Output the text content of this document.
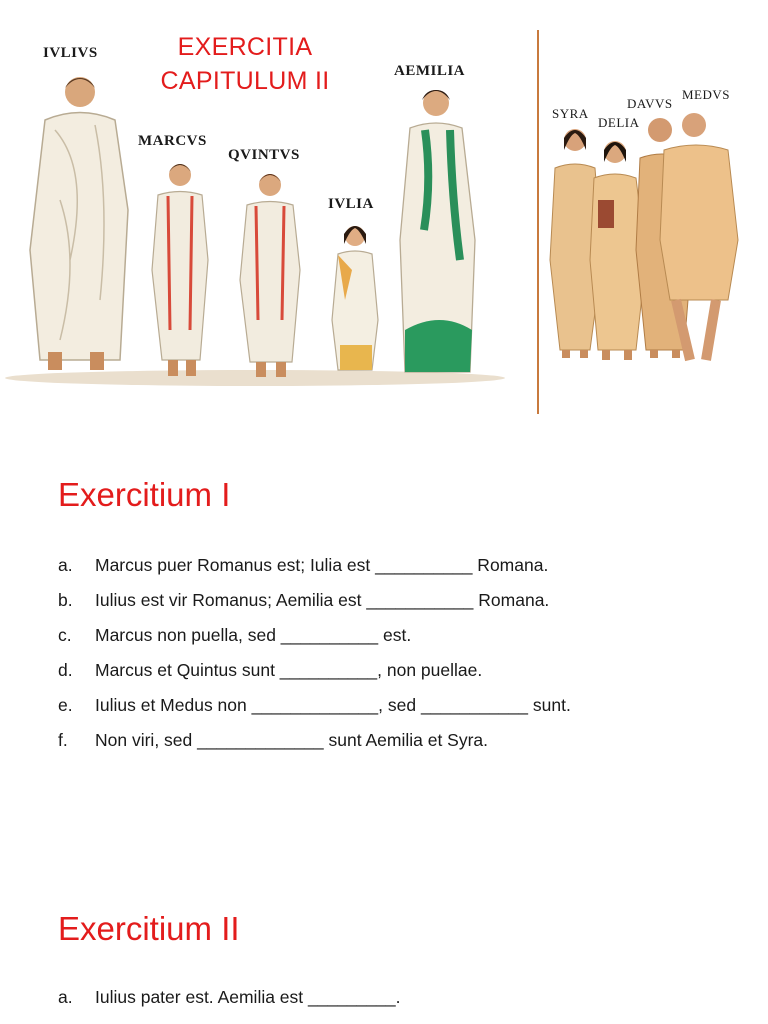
EXERCITIA
CAPITULUM II
IVLIVS
MARCVS
QVINTVS
IVLIA
AEMILIA
SYRA
DAVVS
DELIA
MEDVS
Exercitium I
a. Marcus puer Romanus est; Iulia est __________ Romana.
b. Iulius est vir Romanus; Aemilia est ___________ Romana.
c. Marcus non puella, sed __________ est.
d. Marcus et Quintus sunt __________, non puellae.
e. Iulius et Medus non _____________, sed ___________ sunt.
f. Non viri, sed _____________ sunt Aemilia et Syra.
Exercitium II
a. Iulius pater est. Aemilia est _________.
